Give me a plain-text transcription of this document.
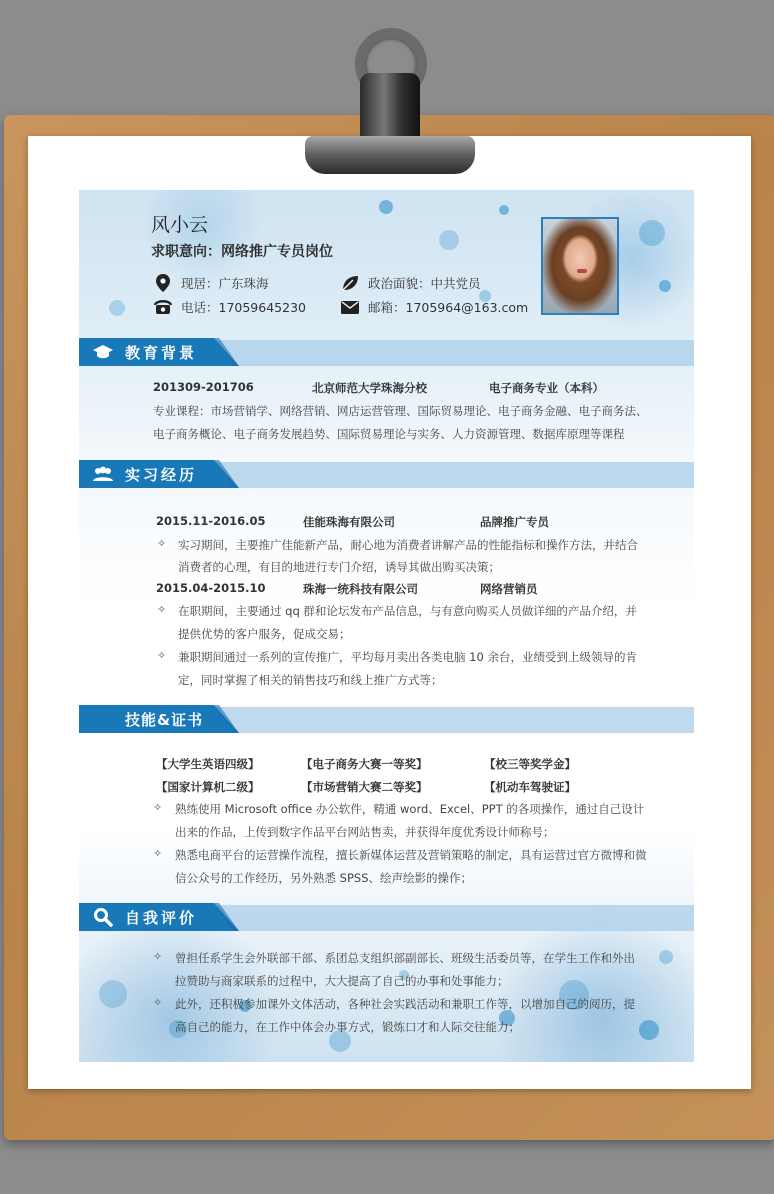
风小云
求职意向：网络推广专员岗位
现居：广东珠海	政治面貌：中共党员
电话：17059645230	邮箱：1705964@163.com
教育背景
201309-201706	北京师范大学珠海分校	电子商务专业（本科）
专业课程：市场营销学、网络营销、网店运营管理、国际贸易理论、电子商务金融、电子商务法、
电子商务概论、电子商务发展趋势、国际贸易理论与实务、人力资源管理、数据库原理等课程
实习经历
2015.11-2016.05	佳能珠海有限公司	品牌推广专员
✧ 实习期间，主要推广佳能新产品，耐心地为消费者讲解产品的性能指标和操作方法，并结合
消费者的心理，有目的地进行专门介绍，诱导其做出购买决策；
2015.04-2015.10	珠海一统科技有限公司	网络营销员
✧ 在职期间，主要通过 qq 群和论坛发布产品信息，与有意向购买人员做详细的产品介绍，并
提供优势的客户服务，促成交易；
✧ 兼职期间通过一系列的宣传推广，平均每月卖出各类电脑 10 余台，业绩受到上级领导的肯
定，同时掌握了相关的销售技巧和线上推广方式等；
技能&证书
【大学生英语四级】	【电子商务大赛一等奖】	【校三等奖学金】
【国家计算机二级】	【市场营销大赛二等奖】	【机动车驾驶证】
✧ 熟练使用 Microsoft office 办公软件，精通 word、Excel、PPT 的各项操作，通过自己设计
出来的作品，上传到数字作品平台网站售卖，并获得年度优秀设计师称号；
✧ 熟悉电商平台的运营操作流程，擅长新媒体运营及营销策略的制定，具有运营过官方微博和微
信公众号的工作经历，另外熟悉 SPSS、绘声绘影的操作；
自我评价
✧ 曾担任系学生会外联部干部、系团总支组织部副部长、班级生活委员等，在学生工作和外出
拉赞助与商家联系的过程中，大大提高了自己的办事和处事能力；
✧ 此外，还积极参加课外文体活动，各种社会实践活动和兼职工作等，以增加自己的阅历，提
高自己的能力，在工作中体会办事方式，锻炼口才和人际交往能力；
